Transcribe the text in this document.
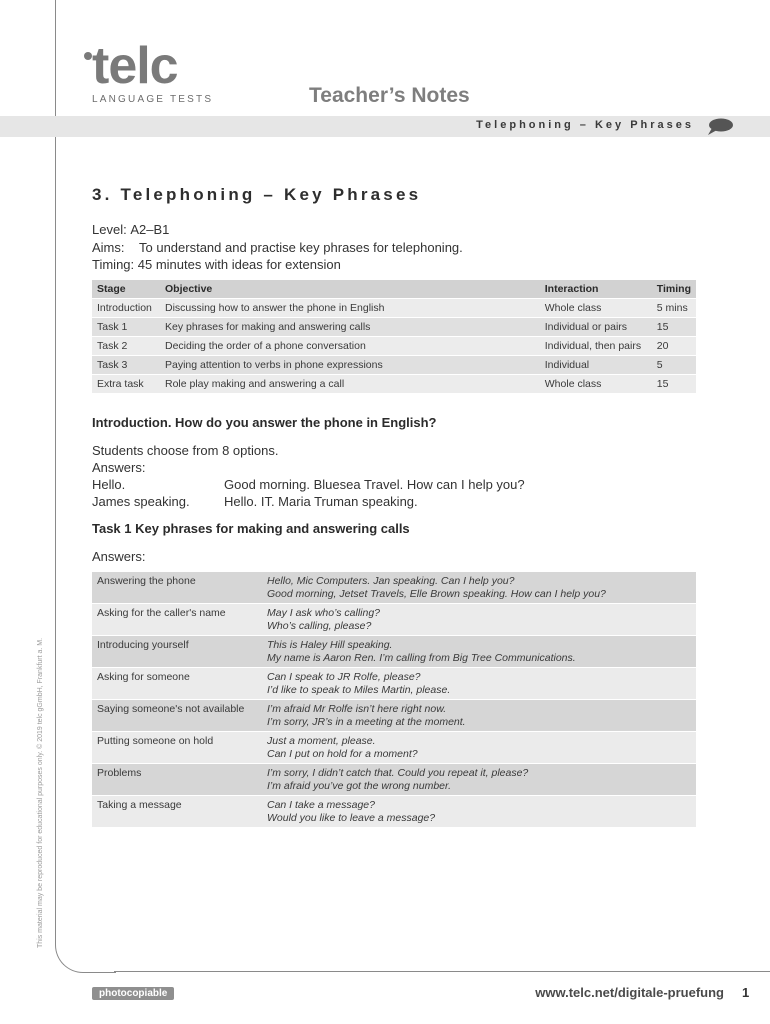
telc
LANGUAGE TESTS	Teacher’s Notes
Telephoning – Key Phrases
3. Telephoning – Key Phrases
Level: A2–B1
Aims: To understand and practise key phrases for telephoning.
Timing: 45 minutes with ideas for extension
Stage	Objective	Interaction	Timing
Introduction	Discussing how to answer the phone in English	Whole class	5 mins
Task 1	Key phrases for making and answering calls	Individual or pairs	15
Task 2	Deciding the order of a phone conversation	Individual, then pairs	20
Task 3	Paying attention to verbs in phone expressions	Individual	5
Extra task	Role play making and answering a call	Whole class	15
Introduction. How do you answer the phone in English?
Students choose from 8 options.
Answers:
Hello.	Good morning. Bluesea Travel. How can I help you?
James speaking.	Hello. IT. Maria Truman speaking.
Task 1 Key phrases for making and answering calls
Answers:
Answering the phone	Hello, Mic Computers. Jan speaking. Can I help you?
Good morning, Jetset Travels, Elle Brown speaking. How can I help you?

Asking for the caller's name	May I ask who’s calling?
Who’s calling, please?

Introducing yourself	This is Haley Hill speaking.
My name is Aaron Ren. I’m calling from Big Tree Communications.

Asking for someone	Can I speak to JR Rolfe, please?
I’d like to speak to Miles Martin, please.

Saying someone's not available	I’m afraid Mr Rolfe isn’t here right now.
I’m sorry, JR’s in a meeting at the moment.

Putting someone on hold	Just a moment, please.
Can I put on hold for a moment?

Problems	I’m sorry, I didn’t catch that. Could you repeat it, please?
I’m afraid you’ve got the wrong number.

Taking a message	Can I take a message?
Would you like to leave a message?
This material may be reproduced for educational purposes only. © 2019 telc gGmbH, Frankfurt a. M.
photocopiable	www.telc.net/digitale-pruefung 1
